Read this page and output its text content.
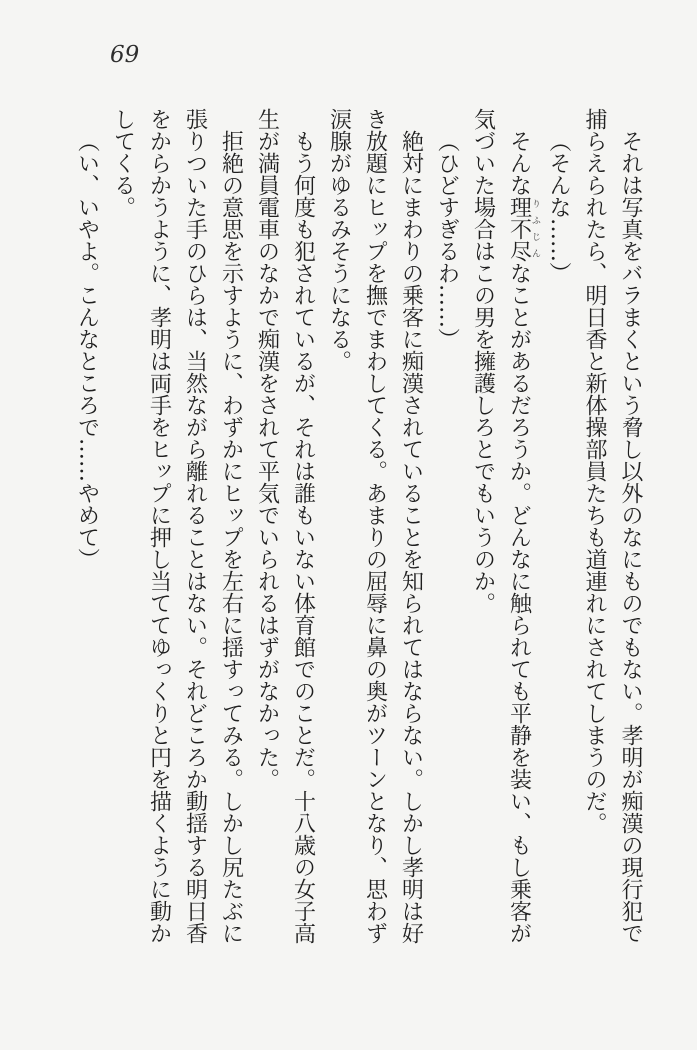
69

それは写真をバラまくという脅し以外のなにものでもない。孝明が痴漢の現行犯で捕らえられたら、明日香と新体操部員たちも道連れにされてしまうのだ。

（そんな……）

そんな理不尽りふじんなことがあるだろうか。どんなに触られても平静を装い、もし乗客が気づいた場合はこの男を擁護しろとでもいうのか。

（ひどすぎるわ……）

絶対にまわりの乗客に痴漢されていることを知られてはならない。しかし孝明は好き放題にヒップを撫でまわしてくる。あまりの屈辱に鼻の奥がツーンとなり、思わず涙腺がゆるみそうになる。

もう何度も犯されているが、それは誰もいない体育館でのことだ。十八歳の女子高生が満員電車のなかで痴漢をされて平気でいられるはずがなかった。

拒絶の意思を示すように、わずかにヒップを左右に揺すってみる。しかし尻たぶに張りついた手のひらは、当然ながら離れることはない。それどころか動揺する明日香をからかうように、孝明は両手をヒップに押し当ててゆっくりと円を描くように動かしてくる。

（い、いやよ。こんなところで……やめて）
